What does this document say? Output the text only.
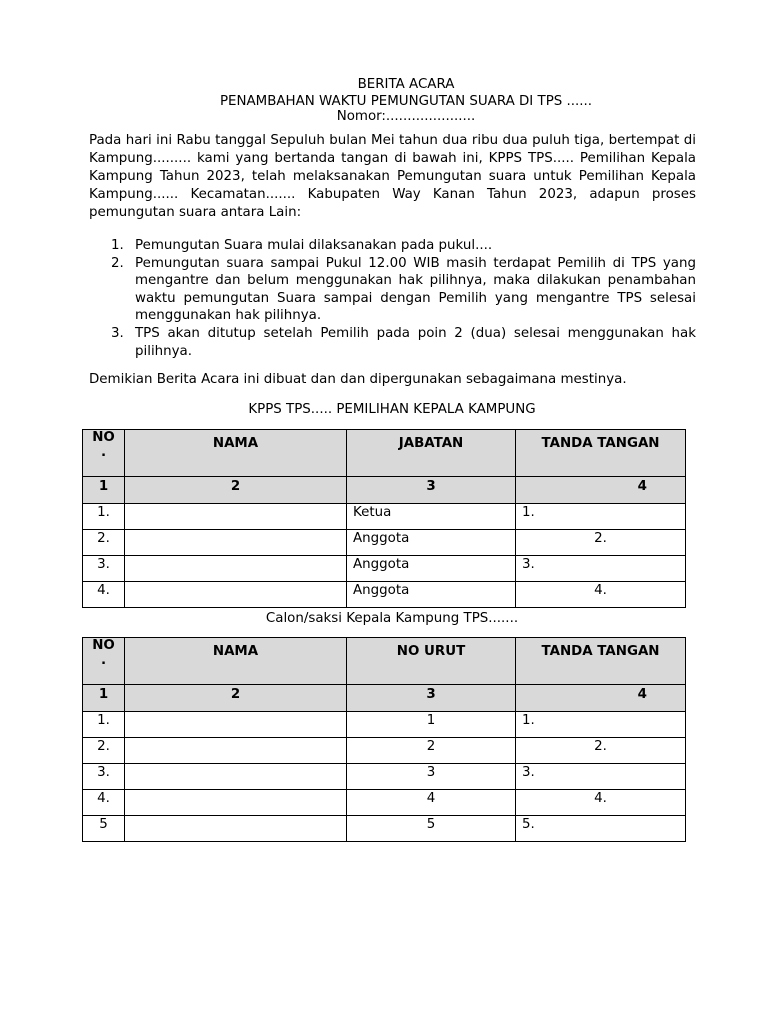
BERITA ACARA
PENAMBAHAN WAKTU PEMUNGUTAN SUARA DI TPS ......
Nomor:.....................
Pada hari ini Rabu tanggal Sepuluh bulan Mei tahun dua ribu dua puluh tiga, bertempat di Kampung......... kami yang bertanda tangan di bawah ini, KPPS TPS..... Pemilihan Kepala Kampung Tahun 2023, telah melaksanakan Pemungutan suara untuk Pemilihan Kepala Kampung...... Kecamatan....... Kabupaten Way Kanan Tahun 2023, adapun proses pemungutan suara antara Lain:
1. Pemungutan Suara mulai dilaksanakan pada pukul....
2. Pemungutan suara sampai Pukul 12.00 WIB masih terdapat Pemilih di TPS yang mengantre dan belum menggunakan hak pilihnya, maka dilakukan penambahan waktu pemungutan Suara sampai dengan Pemilih yang mengantre TPS selesai menggunakan hak pilihnya.
3. TPS akan ditutup setelah Pemilih pada poin 2 (dua) selesai menggunakan hak pilihnya.
Demikian Berita Acara ini dibuat dan dan dipergunakan sebagaimana mestinya.
KPPS TPS..... PEMILIHAN KEPALA KAMPUNG
NO
.	NAMA	JABATAN	TANDA TANGAN
1	2	3	4
1.		Ketua	1.
2.		Anggota	2.
3.		Anggota	3.
4.		Anggota	4.
Calon/saksi Kepala Kampung TPS.......
NO
.	NAMA	NO URUT	TANDA TANGAN
1	2	3	4
1.		1	1.
2.		2	2.
3.		3	3.
4.		4	4.
5		5	5.
